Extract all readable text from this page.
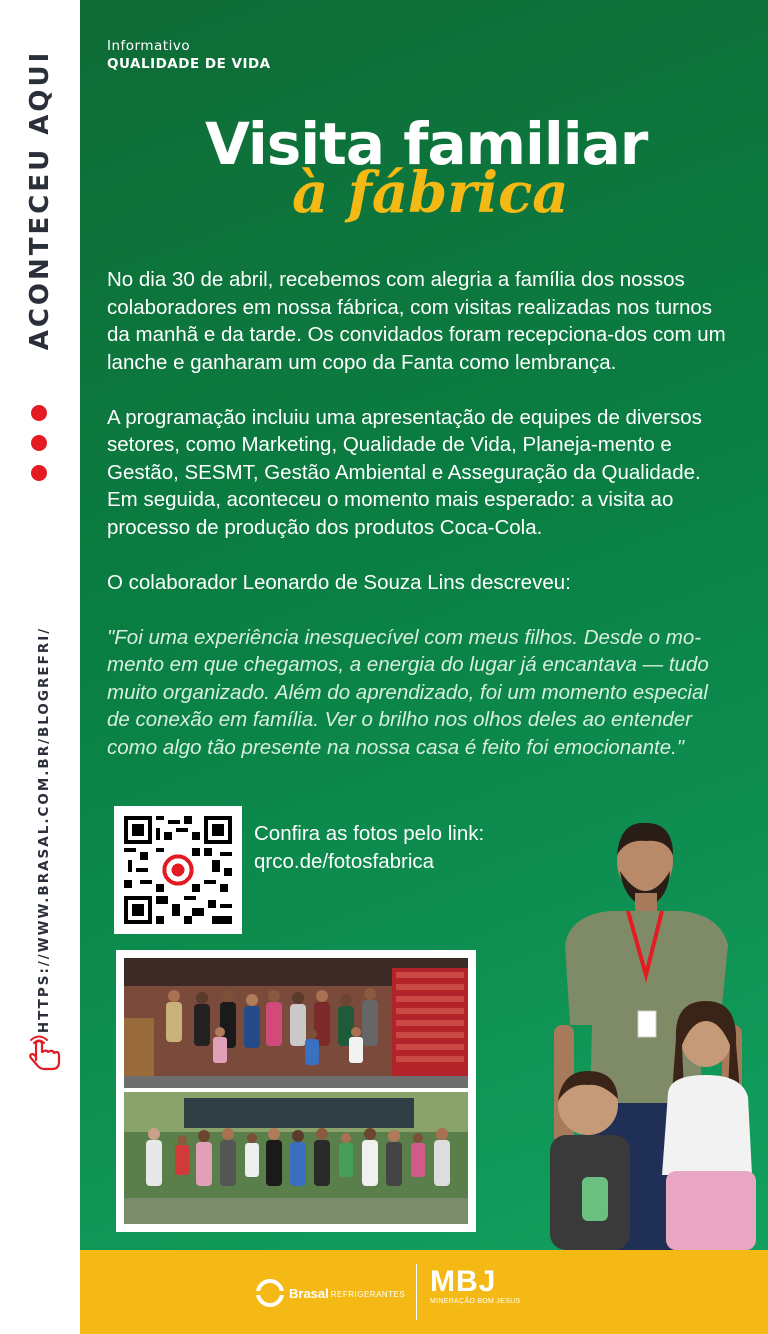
ACONTECEU AQUI
HTTPS://WWW.BRASAL.COM.BR/BLOGREFRI/
Informativo
QUALIDADE DE VIDA
Visita familiar
à fábrica

No dia 30 de abril, recebemos com alegria a família dos nossos colaboradores em nossa fábrica, com visitas realizadas nos turnos da manhã e da tarde. Os convidados foram recepciona-dos com um lanche e ganharam um copo da Fanta como lembrança.

A programação incluiu uma apresentação de equipes de diversos setores, como Marketing, Qualidade de Vida, Planeja-mento e Gestão, SESMT, Gestão Ambiental e Asseguração da Qualidade. Em seguida, aconteceu o momento mais esperado: a visita ao processo de produção dos produtos Coca-Cola.

O colaborador Leonardo de Souza Lins descreveu:

"Foi uma experiência inesquecível com meus filhos. Desde o mo-mento em que chegamos, a energia do lugar já encantava — tudo muito organizado. Além do aprendizado, foi um momento especial de conexão em família. Ver o brilho nos olhos deles ao entender como algo tão presente na nossa casa é feito foi emocionante."

Confira as fotos pelo link:
qrco.de/fotosfabrica
Brasal REFRIGERANTES MBJ
MINERAÇÃO BOM JESUS
